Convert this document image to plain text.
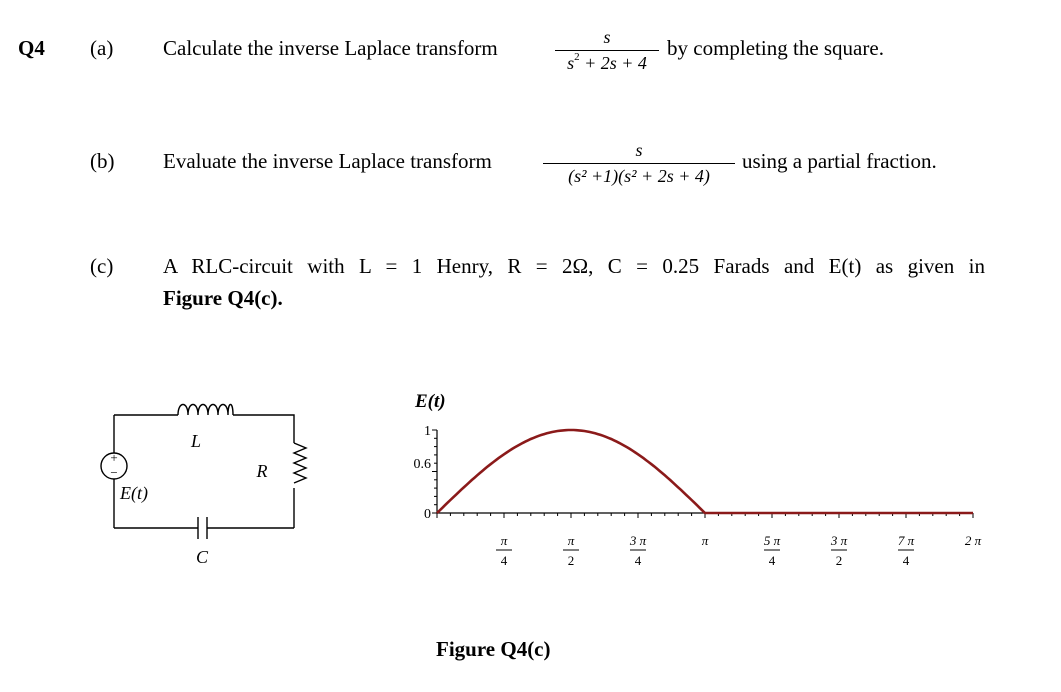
Q4 (a) Calculate the inverse Laplace transform	s
$s^2 + 2s + 4$
by completing the square.
(b) Evaluate the inverse Laplace transform	s
(s² +1)(s² + 2s + 4)
using a partial fraction.
(c) A RLC-circuit with L = 1 Henry, R = 2Ω, C = 0.25 Farads and E(t) as given in
Figure Q4(c).
+
−
L
R
C
E(t)
E(t)
0
0.6
1
π
4
π
2
3 π
4
π	5 π
4
3 π
2
7 π
4
2 π
Figure Q4(c)
